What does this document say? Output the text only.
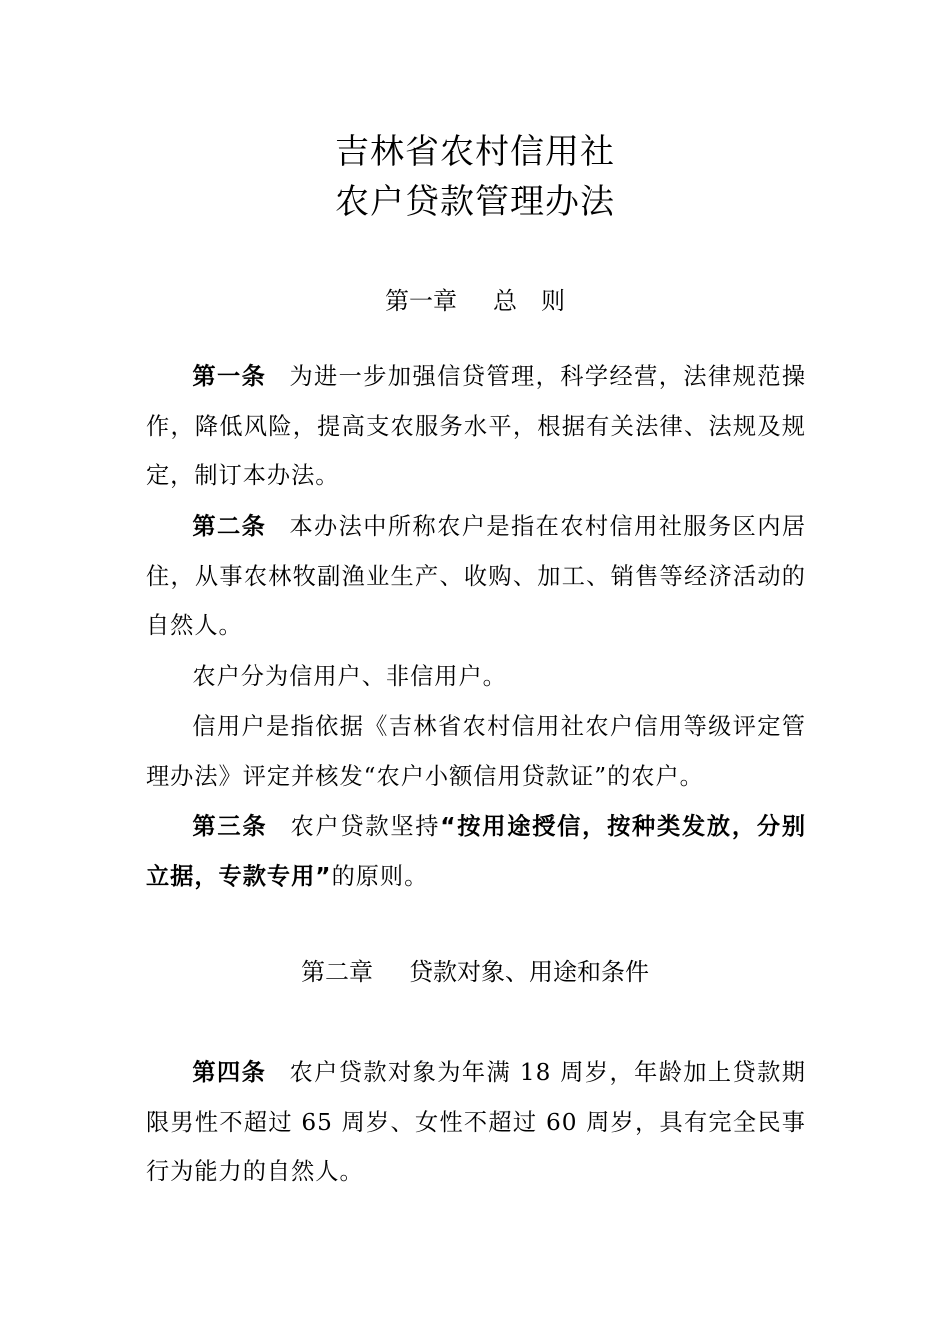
吉林省农村信用社
农户贷款管理办法
第一章 总　则
第一条 为进一步加强信贷管理，科学经营，法律规范操作，降低风险，提高支农服务水平，根据有关法律、法规及规定，制订本办法。
第二条 本办法中所称农户是指在农村信用社服务区内居住，从事农林牧副渔业生产、收购、加工、销售等经济活动的自然人。
农户分为信用户、非信用户。
信用户是指依据《吉林省农村信用社农户信用等级评定管理办法》评定并核发“农户小额信用贷款证”的农户。
第三条 农户贷款坚持“按用途授信，按种类发放，分别立据，专款专用”的原则。
第二章 贷款对象、用途和条件
第四条 农户贷款对象为年满 18 周岁，年龄加上贷款期限男性不超过 65 周岁、女性不超过 60 周岁，具有完全民事行为能力的自然人。
